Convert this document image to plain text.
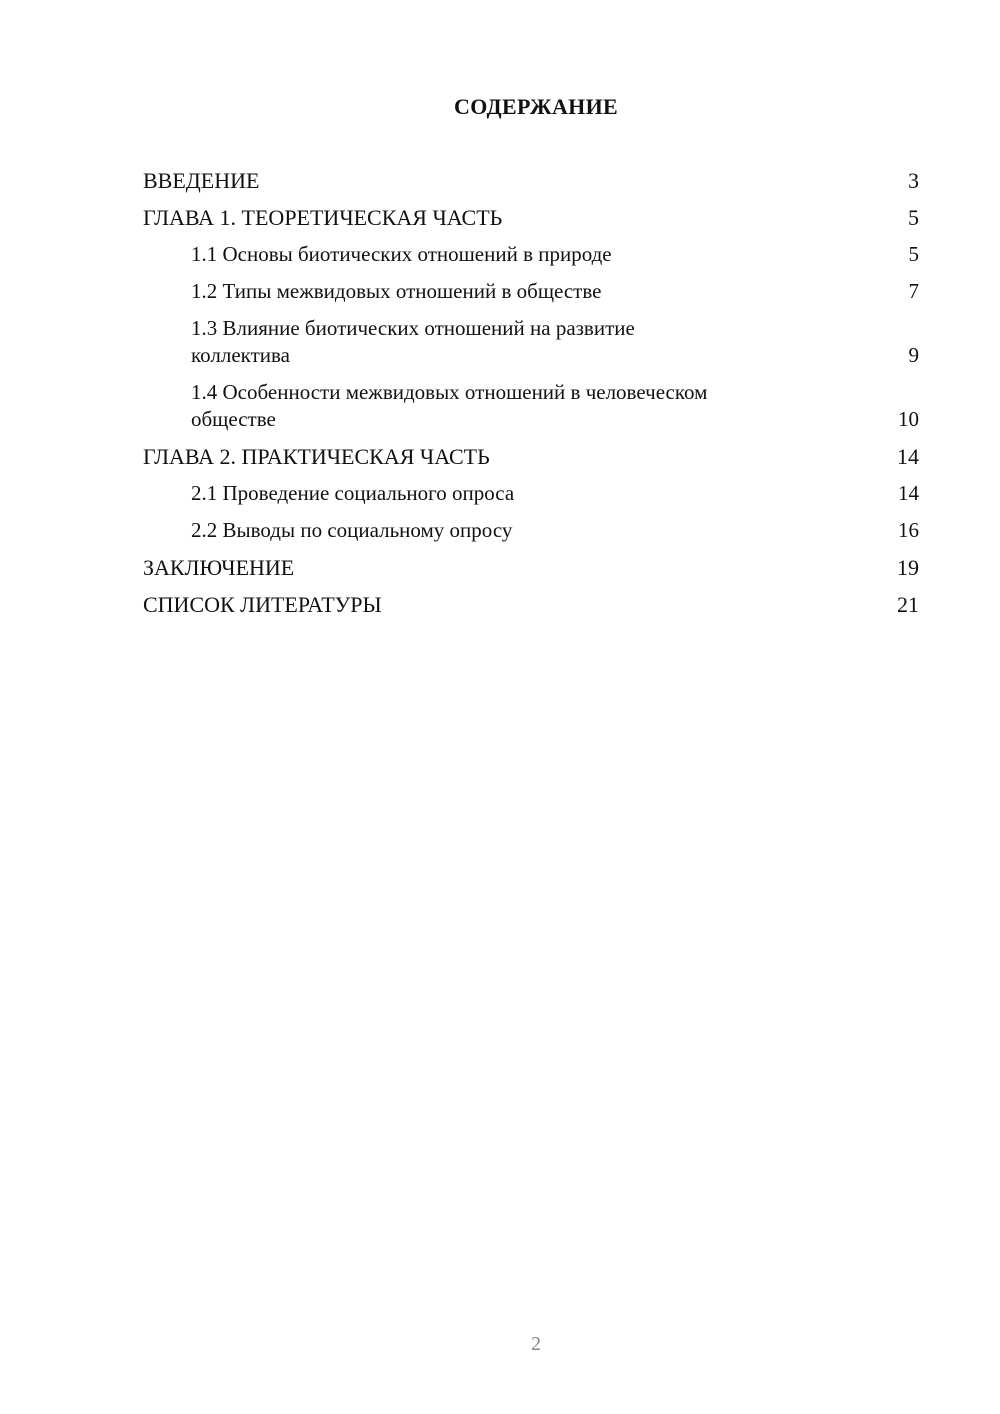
СОДЕРЖАНИЕ
ВВЕДЕНИЕ	3
ГЛАВА 1. ТЕОРЕТИЧЕСКАЯ ЧАСТЬ	5
1.1 Основы биотических отношений в природе	5
1.2 Типы межвидовых отношений в обществе	7
1.3 Влияние биотических отношений на развитие коллектива	9
1.4 Особенности межвидовых отношений в человеческом обществе	10
ГЛАВА 2. ПРАКТИЧЕСКАЯ ЧАСТЬ	14
2.1 Проведение социального опроса	14
2.2 Выводы по социальному опросу	16
ЗАКЛЮЧЕНИЕ	19
СПИСОК ЛИТЕРАТУРЫ	21
2
